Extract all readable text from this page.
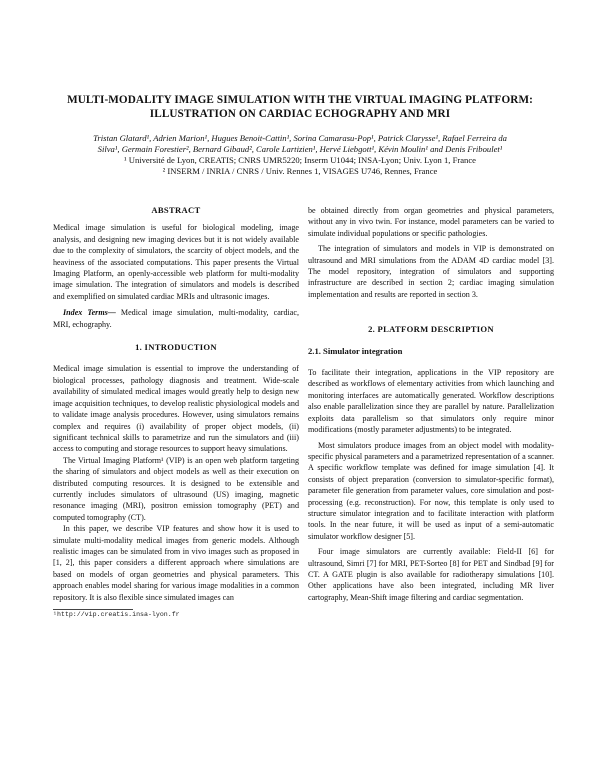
MULTI-MODALITY IMAGE SIMULATION WITH THE VIRTUAL IMAGING PLATFORM:
ILLUSTRATION ON CARDIAC ECHOGRAPHY AND MRI
Tristan Glatard¹, Adrien Marion¹, Hugues Benoit-Cattin¹, Sorina Camarasu-Pop¹, Patrick Clarysse¹, Rafael Ferreira da
Silva¹, Germain Forestier², Bernard Gibaud², Carole Lartizien¹, Hervé Liebgott¹, Kévin Moulin¹ and Denis Friboulet¹
¹ Université de Lyon, CREATIS; CNRS UMR5220; Inserm U1044; INSA-Lyon; Univ. Lyon 1, France
² INSERM / INRIA / CNRS / Univ. Rennes 1, VISAGES U746, Rennes, France
ABSTRACT

Medical image simulation is useful for biological modeling, image analysis, and designing new imaging devices but it is not widely available due to the complexity of simulators, the scarcity of object models, and the heaviness of the associated computations. This paper presents the Virtual Imaging Platform, an openly-accessible web platform for multi-modality image simulation. The integration of simulators and models is described and exemplified on simulated cardiac MRIs and ultrasonic images.

Index Terms— Medical image simulation, multi-modality, cardiac, MRI, echography.

1. INTRODUCTION

Medical image simulation is essential to improve the understanding of biological processes, pathology diagnosis and treatment. Wide-scale availability of simulated medical images would greatly help to design new image acquisition techniques, to develop realistic physiological models and to validate image analysis procedures. However, using simulators remains complex and requires (i) availability of proper object models, (ii) significant technical skills to parametrize and run the simulators and (iii) access to computing and storage resources to support heavy simulations.

The Virtual Imaging Platform¹ (VIP) is an open web platform targeting the sharing of simulators and object models as well as their execution on distributed computing resources. It is designed to be extensible and currently includes simulators of ultrasound (US) imaging, magnetic resonance imaging (MRI), positron emission tomography (PET) and computed tomography (CT).

In this paper, we describe VIP features and show how it is used to simulate multi-modality medical images from generic models. Although realistic images can be simulated from in vivo images such as proposed in [1, 2], this paper considers a different approach where simulations are based on models of organ geometries and physical parameters. This approach enables model sharing for various image modalities in a common repository. It is also flexible since simulated images can

¹http://vip.creatis.insa-lyon.fr

be obtained directly from organ geometries and physical parameters, without any in vivo twin. For instance, model parameters can be varied to simulate individual populations or specific pathologies.

The integration of simulators and models in VIP is demonstrated on ultrasound and MRI simulations from the ADAM 4D cardiac model [3]. The model repository, integration of simulators and supporting infrastructure are described in section 2; cardiac imaging simulation implementation and results are reported in section 3.

2. PLATFORM DESCRIPTION
2.1. Simulator integration

To facilitate their integration, applications in the VIP repository are described as workflows of elementary activities from which launching and monitoring interfaces are automatically generated. Workflow descriptions also enable parallelization since they are parallel by nature. Parallelization exploits data parallelism so that simulators only require minor modifications (mostly parameter adjustments) to be integrated.

Most simulators produce images from an object model with modality-specific physical parameters and a parametrized representation of a scanner. A specific workflow template was defined for image simulation [4]. It consists of object preparation (conversion to simulator-specific format), parameter file generation from parameter values, core simulation and post-processing (e.g. reconstruction). For now, this template is only used to structure simulator integration and to facilitate interaction with platform tools. In the near future, it will be used as input of a semi-automatic simulator workflow designer [5].

Four image simulators are currently available: Field-II [6] for ultrasound, Simri [7] for MRI, PET-Sorteo [8] for PET and Sindbad [9] for CT. A GATE plugin is also available for radiotherapy simulations [10]. Other applications have also been integrated, including MR liver cartography, Mean-Shift image filtering and cardiac segmentation.
